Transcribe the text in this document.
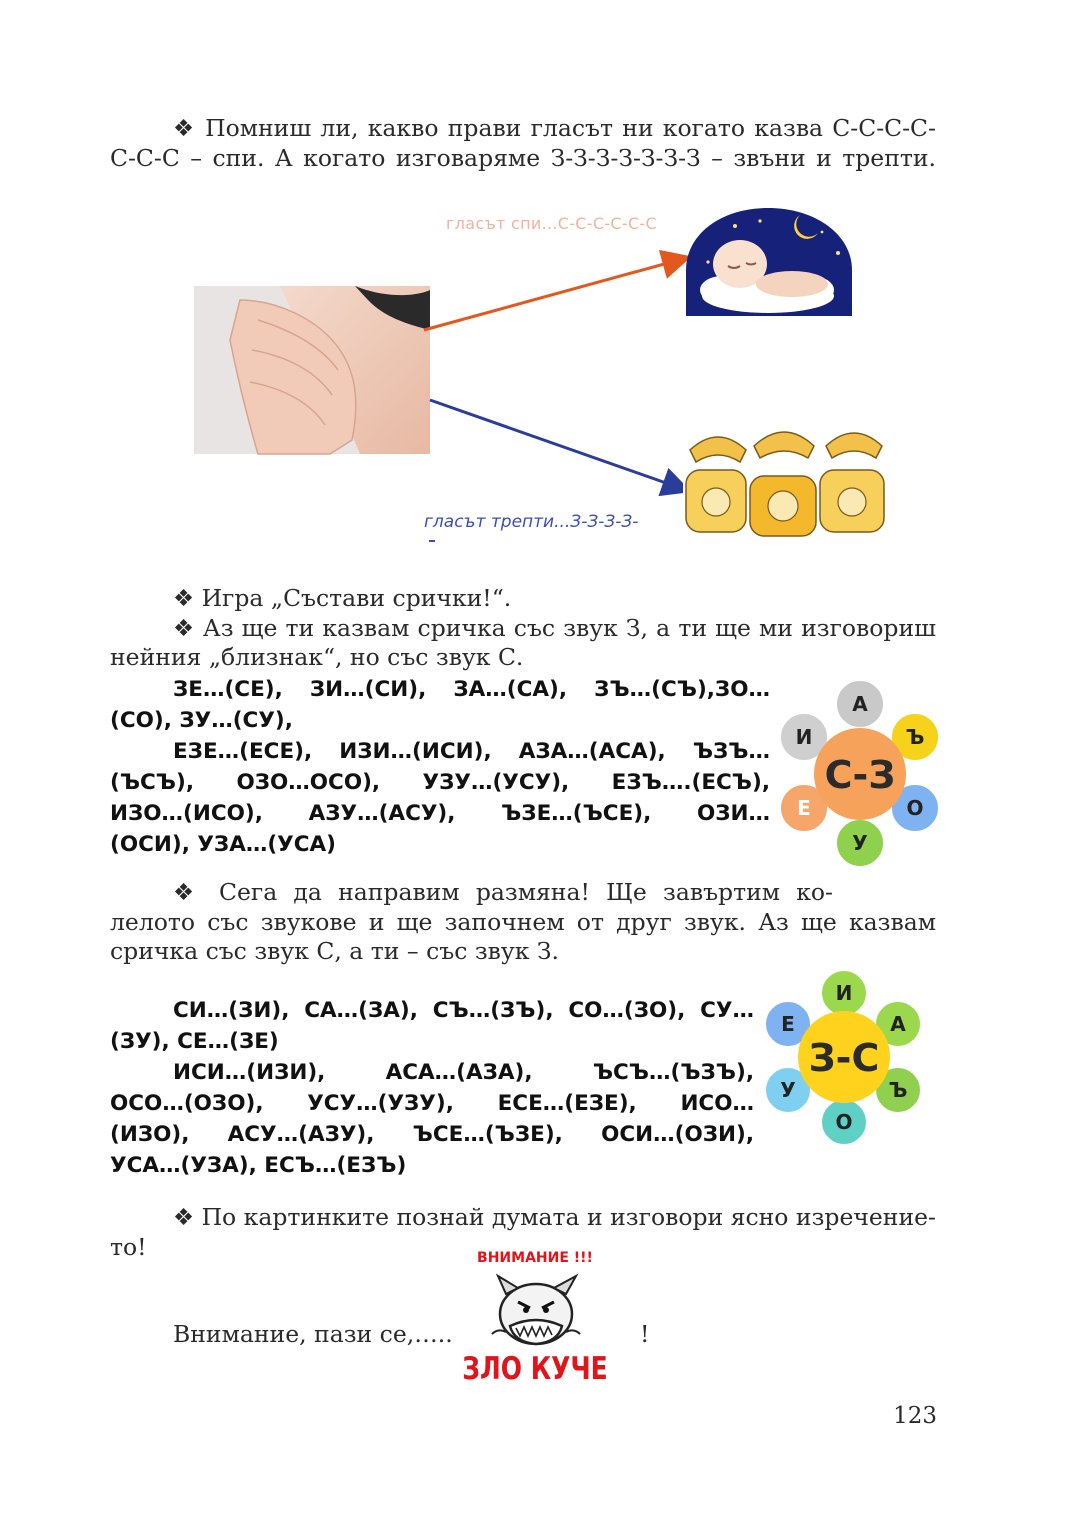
❖ Помниш ли, какво прави гласът ни когато казва С-С-С-С-
С-С-С – спи. А когато изговаряме З-З-З-З-З-З-З – звъни и трепти.
гласът спи...С-С-С-С-С-С
гласът трепти...З-З-З-З-
❖ Игра „Състави срички!“.
❖ Аз ще ти казвам сричка със звук З, а ти ще ми изговориш
нейния „близнак“, но със звук С.
ЗЕ…(СЕ), ЗИ…(СИ), ЗА…(СА), ЗЪ…(СЪ),ЗО…
(СО), ЗУ…(СУ),
ЕЗЕ…(ЕСЕ), ИЗИ…(ИСИ), АЗА…(АСА), ЪЗЪ…
(ЪСЪ), ОЗО…ОСО), УЗУ…(УСУ), ЕЗЪ….(ЕСЪ),
ИЗО…(ИСО), АЗУ…(АСУ), ЪЗЕ…(ЪСЕ), ОЗИ…
(ОСИ), УЗА…(УСА)
А
Ъ
О
У
Е
И
С-З
❖ Сега да направим размяна! Ще завъртим ко-
лелото със звукове и ще започнем от друг звук. Аз ще казвам
сричка със звук С, а ти – със звук З.
СИ…(ЗИ), СА…(ЗА), СЪ…(ЗЪ), СО…(ЗО), СУ…
(ЗУ), СЕ…(ЗЕ)
ИСИ…(ИЗИ), АСА…(АЗА), ЪСЪ…(ЪЗЪ),
ОСО…(ОЗО), УСУ…(УЗУ), ЕСЕ…(ЕЗЕ), ИСО…
(ИЗО), АСУ…(АЗУ), ЪСЕ…(ЪЗЕ), ОСИ…(ОЗИ),
УСА…(УЗА), ЕСЪ…(ЕЗЪ)
И
А
Ъ
О
У
Е
З-С
❖ По картинките познай думата и изговори ясно изречение-
то!
Внимание, пази се,…..	!
ВНИМАНИЕ !!!
ЗЛО КУЧЕ
123
